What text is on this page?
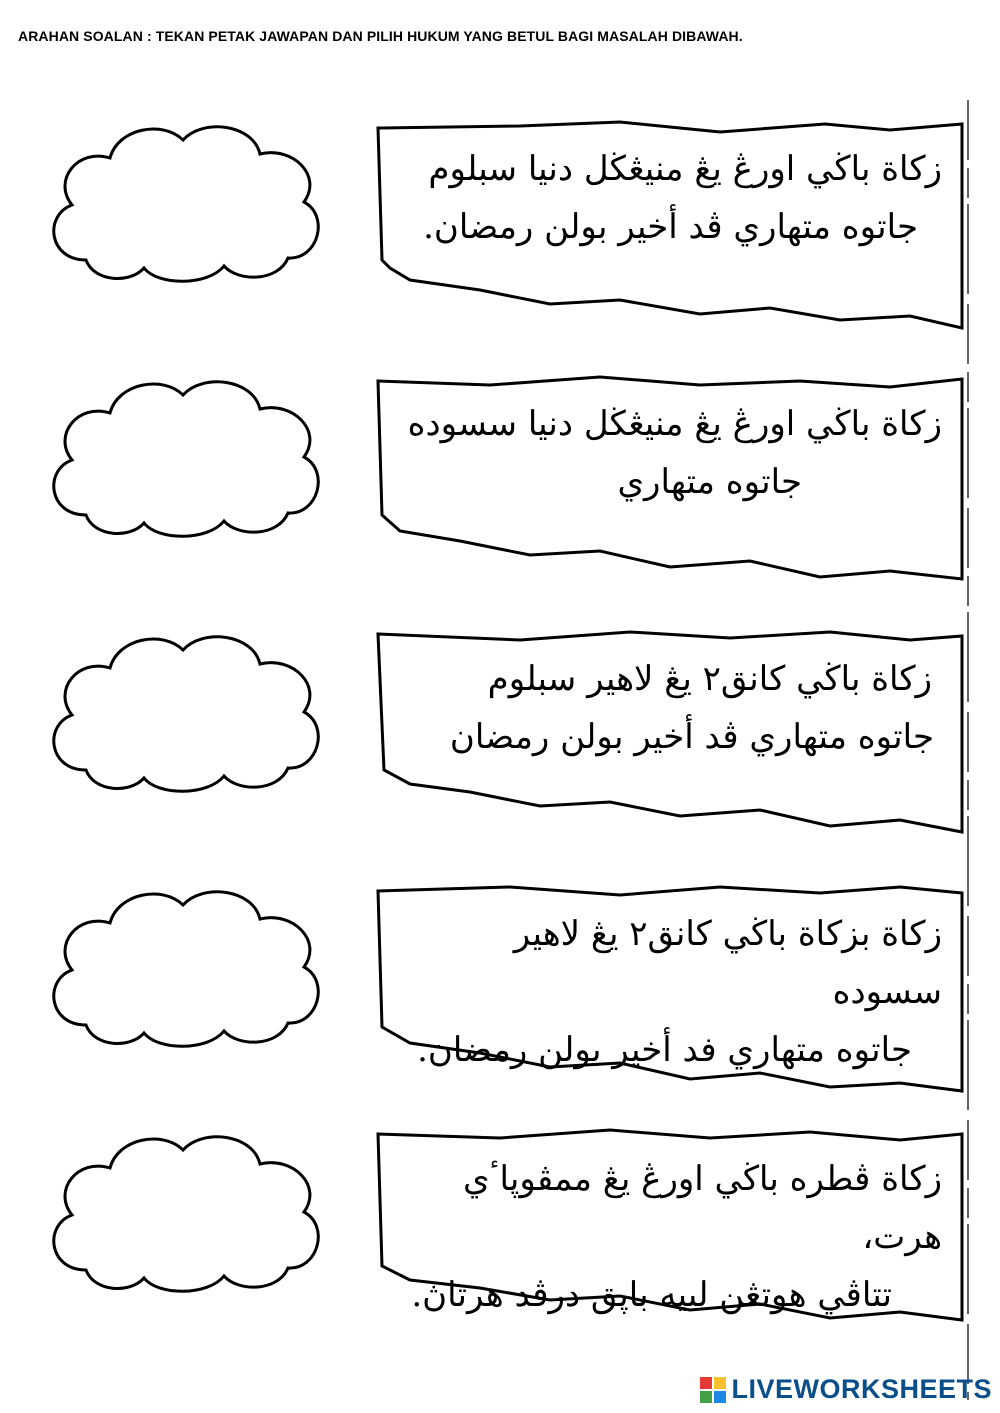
ARAHAN SOALAN : TEKAN PETAK JAWAPAN DAN PILIH HUKUM YANG BETUL BAGI MASALAH DIBAWAH.
زكاة باڬي اورڠ يڠ منيڠڬل دنيا سبلوم
جاتوه متهاري ڤد أخير بولن رمضان.
زكاة باڬي اورڠ يڠ منيڠڬل دنيا سسوده
جاتوه متهاري
زكاة باڬي كانق٢ يڠ لاهير سبلوم
جاتوه متهاري ڤد أخير بولن رمضان
زكاة بزكاة باڬي كانق٢ يڠ لاهير سسوده
جاتوه متهاري فد أخير بولن رمضان.
زكاة ڤطره باڬي اورڠ يڠ ممڤوڽاٴي هرت،
تتاڤي هوتڠن لبيه باڽق درڤد هرتاڽ.
LIVEWORKSHEETS
